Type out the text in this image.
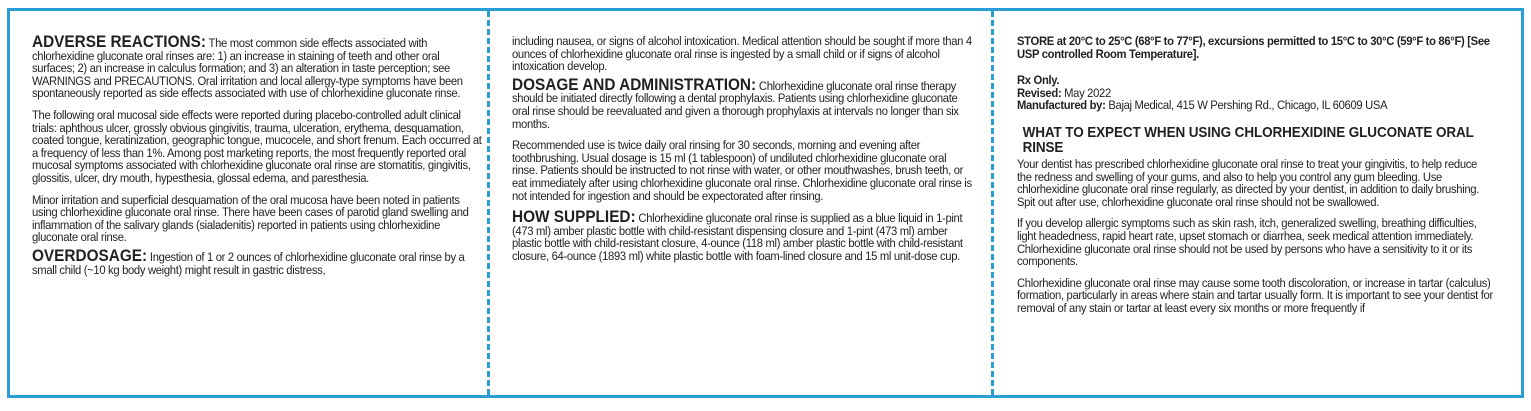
ADVERSE REACTIONS: The most common side effects associated with chlorhexidine gluconate oral rinses are: 1) an increase in staining of teeth and other oral surfaces; 2) an increase in calculus formation; and 3) an alteration in taste perception; see WARNINGS and PRECAUTIONS. Oral irritation and local allergy-type symptoms have been spontaneously reported as side effects associated with use of chlorhexidine gluconate rinse.

The following oral mucosal side effects were reported during placebo-controlled adult clinical trials: aphthous ulcer, grossly obvious gingivitis, trauma, ulceration, erythema, desquamation, coated tongue, keratinization, geographic tongue, mucocele, and short frenum. Each occurred at a frequency of less than 1%. Among post marketing reports, the most frequently reported oral mucosal symptoms associated with chlorhexidine gluconate oral rinse are stomatitis, gingivitis, glossitis, ulcer, dry mouth, hypesthesia, glossal edema, and paresthesia.

Minor irritation and superficial desquamation of the oral mucosa have been noted in patients using chlorhexidine gluconate oral rinse. There have been cases of parotid gland swelling and inflammation of the salivary glands (sialadenitis) reported in patients using chlorhexidine gluconate oral rinse.

OVERDOSAGE: Ingestion of 1 or 2 ounces of chlorhexidine gluconate oral rinse by a small child (~10 kg body weight) might result in gastric distress,

including nausea, or signs of alcohol intoxication. Medical attention should be sought if more than 4 ounces of chlorhexidine gluconate oral rinse is ingested by a small child or if signs of alcohol intoxication develop.

DOSAGE AND ADMINISTRATION: Chlorhexidine gluconate oral rinse therapy should be initiated directly following a dental prophylaxis. Patients using chlorhexidine gluconate oral rinse should be reevaluated and given a thorough prophylaxis at intervals no longer than six months.

Recommended use is twice daily oral rinsing for 30 seconds, morning and evening after toothbrushing. Usual dosage is 15 ml (1 tablespoon) of undiluted chlorhexidine gluconate oral rinse. Patients should be instructed to not rinse with water, or other mouthwashes, brush teeth, or eat immediately after using chlorhexidine gluconate oral rinse. Chlorhexidine gluconate oral rinse is not intended for ingestion and should be expectorated after rinsing.

HOW SUPPLIED: Chlorhexidine gluconate oral rinse is supplied as a blue liquid in 1-pint (473 ml) amber plastic bottle with child-resistant dispensing closure and 1-pint (473 ml) amber plastic bottle with child-resistant closure, 4-ounce (118 ml) amber plastic bottle with child-resistant closure, 64-ounce (1893 ml) white plastic bottle with foam-lined closure and 15 ml unit-dose cup.

STORE at 20°C to 25°C (68°F to 77°F), excursions permitted to 15°C to 30°C (59°F to 86°F) [See USP controlled Room Temperature].

Rx Only.

Revised: May 2022

Manufactured by: Bajaj Medical, 415 W Pershing Rd., Chicago, IL 60609 USA

WHAT TO EXPECT WHEN USING CHLORHEXIDINE GLUCONATE ORAL RINSE

Your dentist has prescribed chlorhexidine gluconate oral rinse to treat your gingivitis, to help reduce the redness and swelling of your gums, and also to help you control any gum bleeding. Use chlorhexidine gluconate oral rinse regularly, as directed by your dentist, in addition to daily brushing. Spit out after use, chlorhexidine gluconate oral rinse should not be swallowed.

If you develop allergic symptoms such as skin rash, itch, generalized swelling, breathing difficulties, light headedness, rapid heart rate, upset stomach or diarrhea, seek medical attention immediately. Chlorhexidine gluconate oral rinse should not be used by persons who have a sensitivity to it or its components.

Chlorhexidine gluconate oral rinse may cause some tooth discoloration, or increase in tartar (calculus) formation, particularly in areas where stain and tartar usually form. It is important to see your dentist for removal of any stain or tartar at least every six months or more frequently if
